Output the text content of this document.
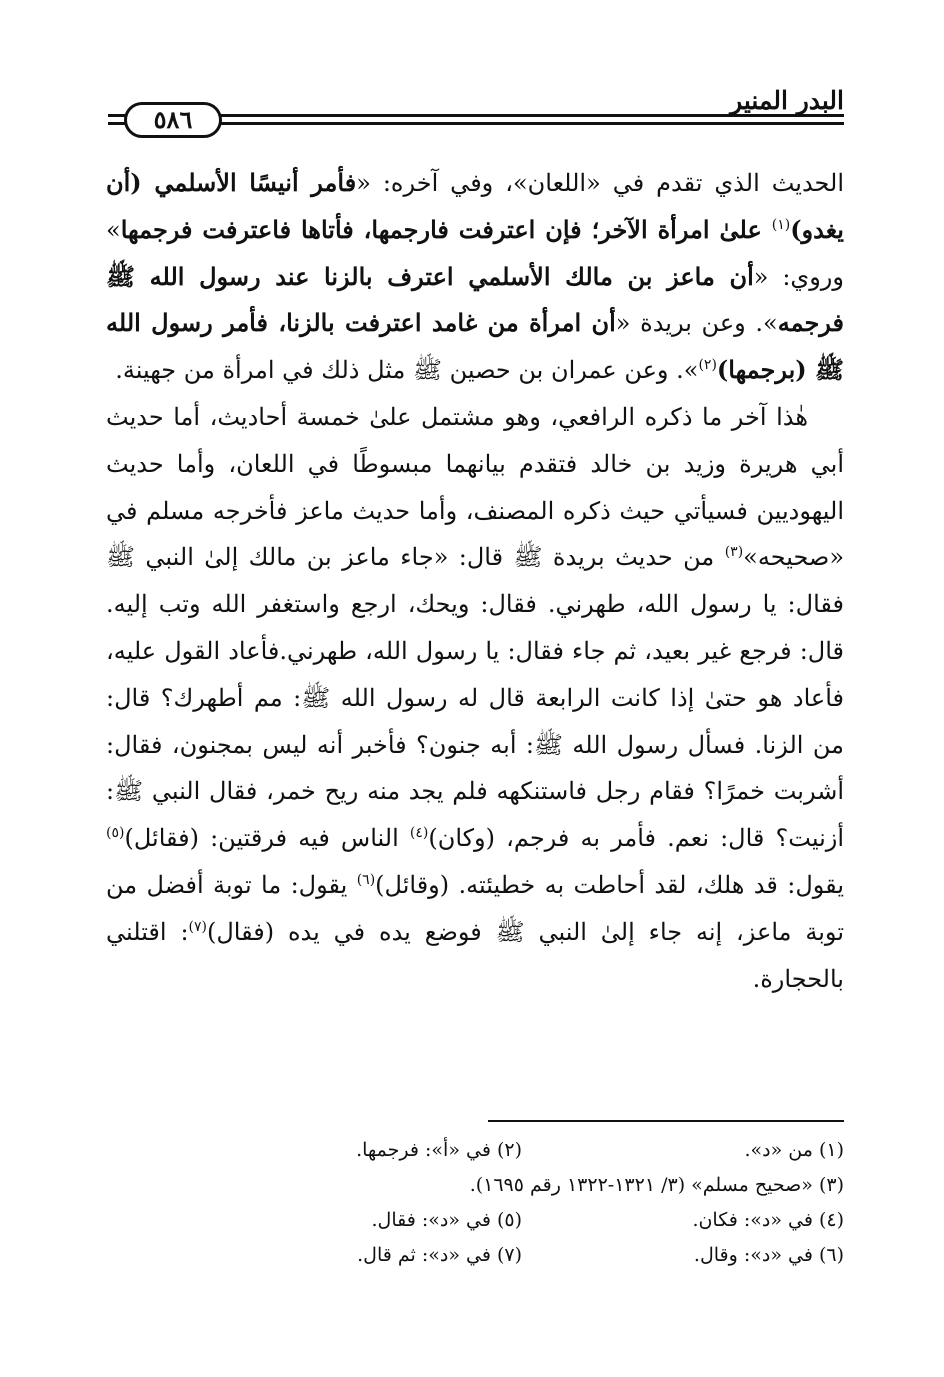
البدر المنير
٥٨٦

الحديث الذي تقدم في «اللعان»، وفي آخره: «فأمر أنيسًا الأسلمي (أن يغدو)$^{(١)}$ علىٰ امرأة الآخر؛ فإن اعترفت فارجمها، فأتاها فاعترفت فرجمها» وروي: «أن ماعز بن مالك الأسلمي اعترف بالزنا عند رسول الله ﷺ فرجمه». وعن بريدة «أن امرأة من غامد اعترفت بالزنا، فأمر رسول الله ﷺ (برجمها)$^{(٢)}$». وعن عمران بن حصين ﷺ مثل ذلك في امرأة من جهينة.

هٰذا آخر ما ذكره الرافعي، وهو مشتمل علىٰ خمسة أحاديث، أما حديث أبي هريرة وزيد بن خالد فتقدم بيانهما مبسوطًا في اللعان، وأما حديث اليهوديين فسيأتي حيث ذكره المصنف، وأما حديث ماعز فأخرجه مسلم في «صحيحه»$^{(٣)}$ من حديث بريدة ﷺ قال: «جاء ماعز بن مالك إلىٰ النبي ﷺ فقال: يا رسول الله، طهرني. فقال: ويحك، ارجع واستغفر الله وتب إليه. قال: فرجع غير بعيد، ثم جاء فقال: يا رسول الله، طهرني.فأعاد القول عليه، فأعاد هو حتىٰ إذا كانت الرابعة قال له رسول الله ﷺ: مم أطهرك؟ قال: من الزنا. فسأل رسول الله ﷺ: أبه جنون؟ فأخبر أنه ليس بمجنون، فقال: أشربت خمرًا؟ فقام رجل فاستنكهه فلم يجد منه ريح خمر، فقال النبي ﷺ: أزنيت؟ قال: نعم. فأمر به فرجم، (وكان)$^{(٤)}$ الناس فيه فرقتين: (فقائل)$^{(٥)}$ يقول: قد هلك، لقد أحاطت به خطيئته. (وقائل)$^{(٦)}$ يقول: ما توبة أفضل من توبة ماعز، إنه جاء إلىٰ النبي ﷺ فوضع يده في يده (فقال)$^{(٧)}$: اقتلني بالحجارة.

(١) من «د».
(٢) في «أ»: فرجمها.
(٣) «صحيح مسلم» (٣/ ١٣٢١-١٣٢٢ رقم ١٦٩٥).
(٤) في «د»: فكان.
(٥) في «د»: فقال.
(٦) في «د»: وقال.
(٧) في «د»: ثم قال.
